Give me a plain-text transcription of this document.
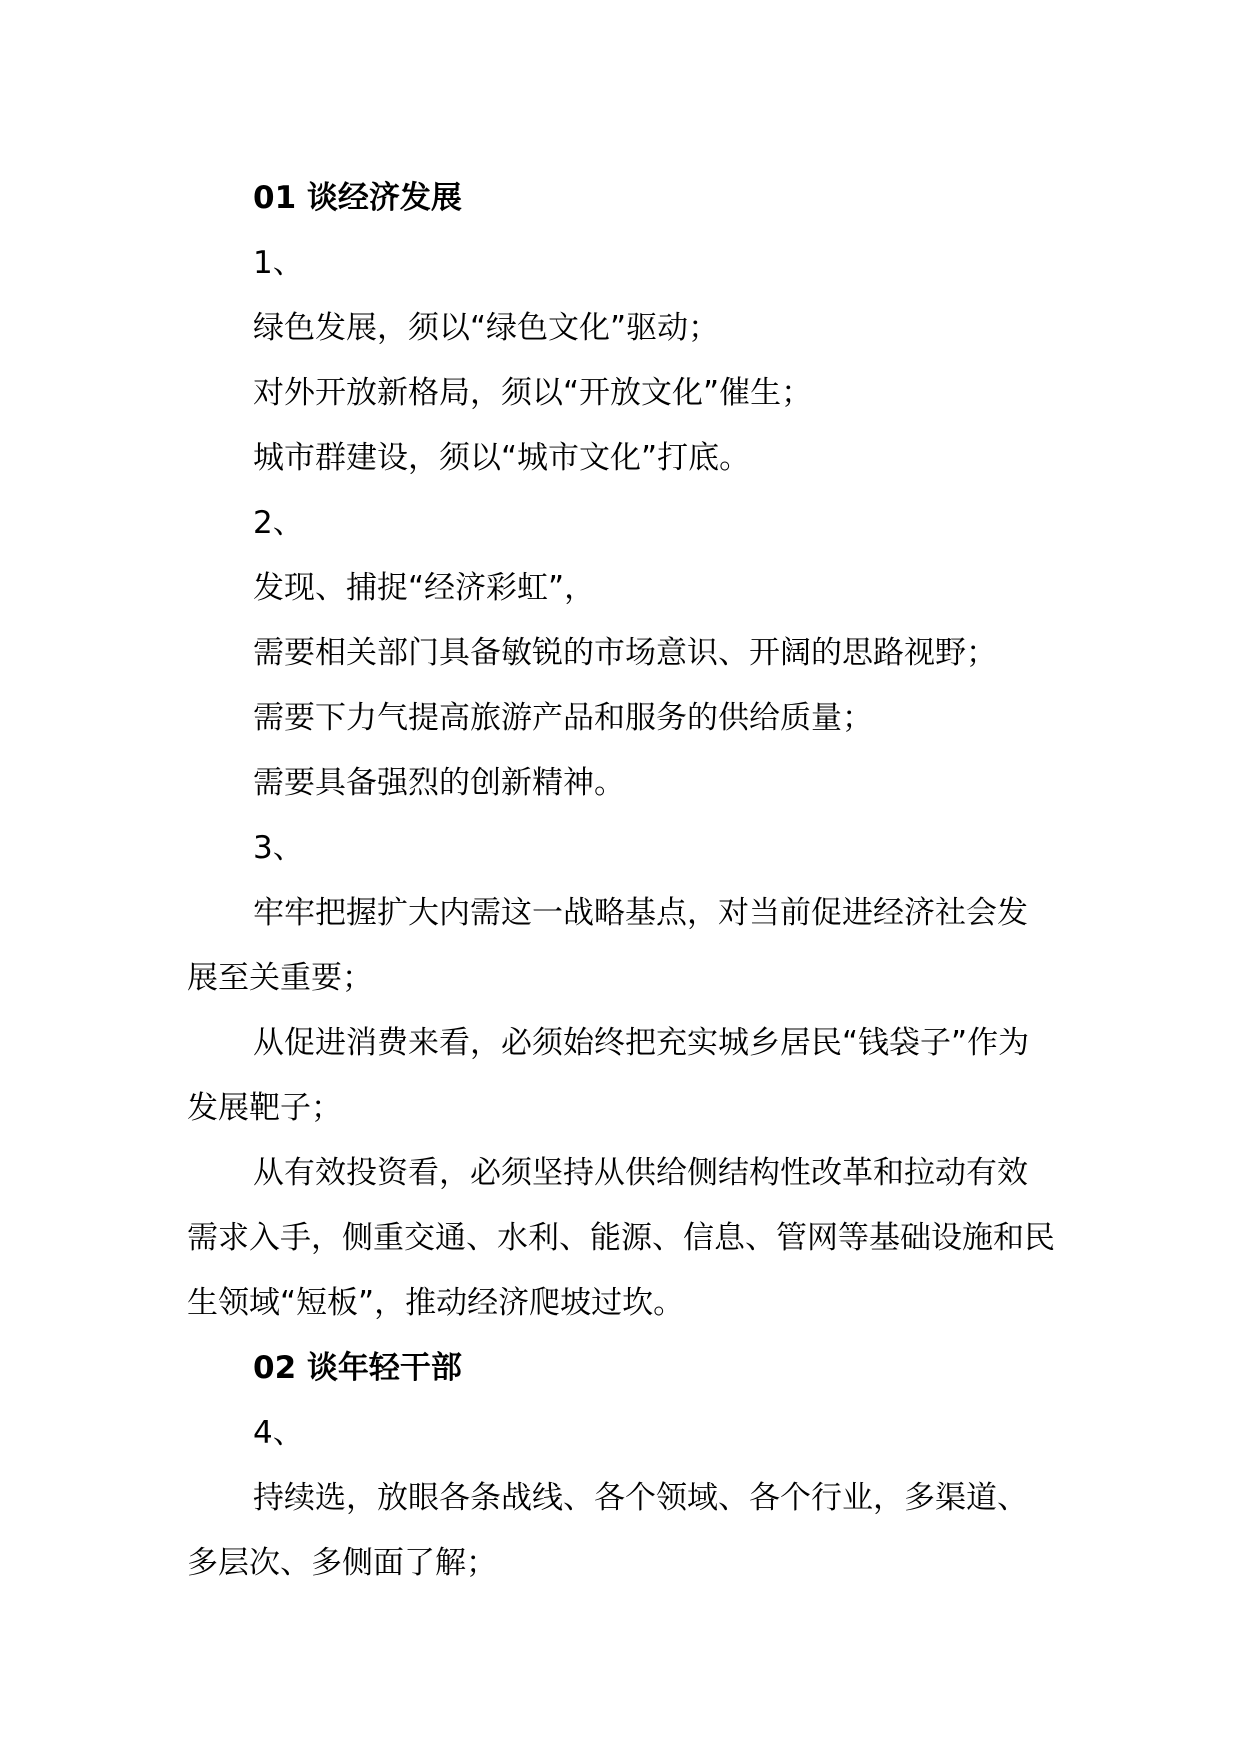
01 谈经济发展

1、

绿色发展，须以“绿色文化”驱动；

对外开放新格局，须以“开放文化”催生；

城市群建设，须以“城市文化”打底。

2、

发现、捕捉“经济彩虹”，

需要相关部门具备敏锐的市场意识、开阔的思路视野；

需要下力气提高旅游产品和服务的供给质量；

需要具备强烈的创新精神。

3、

牢牢把握扩大内需这一战略基点，对当前促进经济社会发展至关重要；

从促进消费来看，必须始终把充实城乡居民“钱袋子”作为发展靶子；

从有效投资看，必须坚持从供给侧结构性改革和拉动有效需求入手，侧重交通、水利、能源、信息、管网等基础设施和民生领域“短板”，推动经济爬坡过坎。

02 谈年轻干部

4、

持续选，放眼各条战线、各个领域、各个行业，多渠道、多层次、多侧面了解；
